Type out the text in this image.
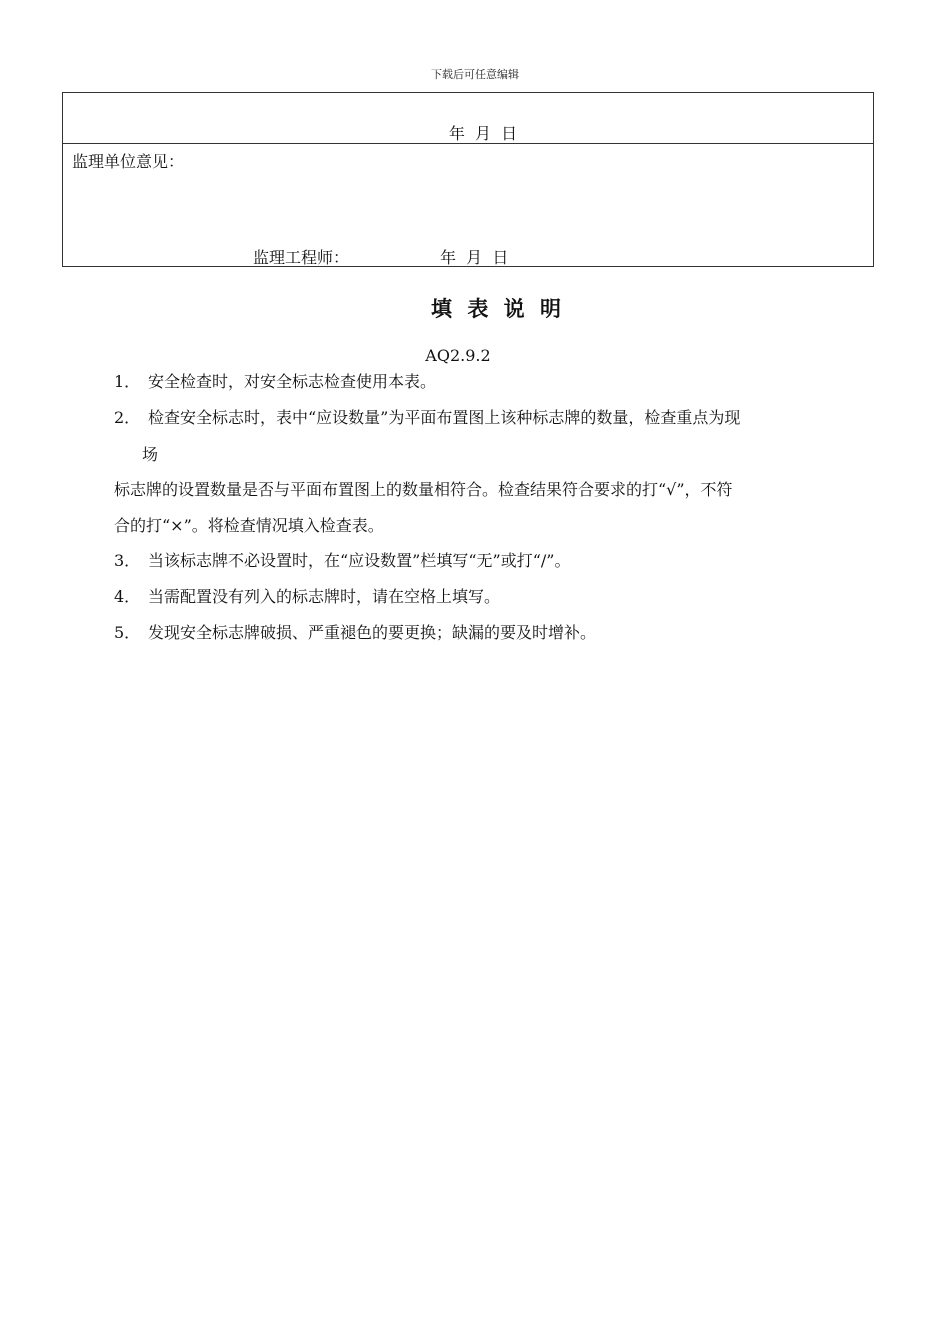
下载后可任意编辑
年  月  日
监理单位意见：
监理工程师：	年  月  日
填 表 说 明
AQ2.9.2
1． 安全检查时，对安全标志检查使用本表。
2． 检查安全标志时，表中“应设数量”为平面布置图上该种标志牌的数量，检查重点为现
场
标志牌的设置数量是否与平面布置图上的数量相符合。检查结果符合要求的打“√”，不符
合的打“×”。将检查情况填入检查表。
3． 当该标志牌不必设置时，在“应设数置”栏填写“无”或打“/”。
4． 当需配置没有列入的标志牌时，请在空格上填写。
5． 发现安全标志牌破损、严重褪色的要更换；缺漏的要及时增补。
